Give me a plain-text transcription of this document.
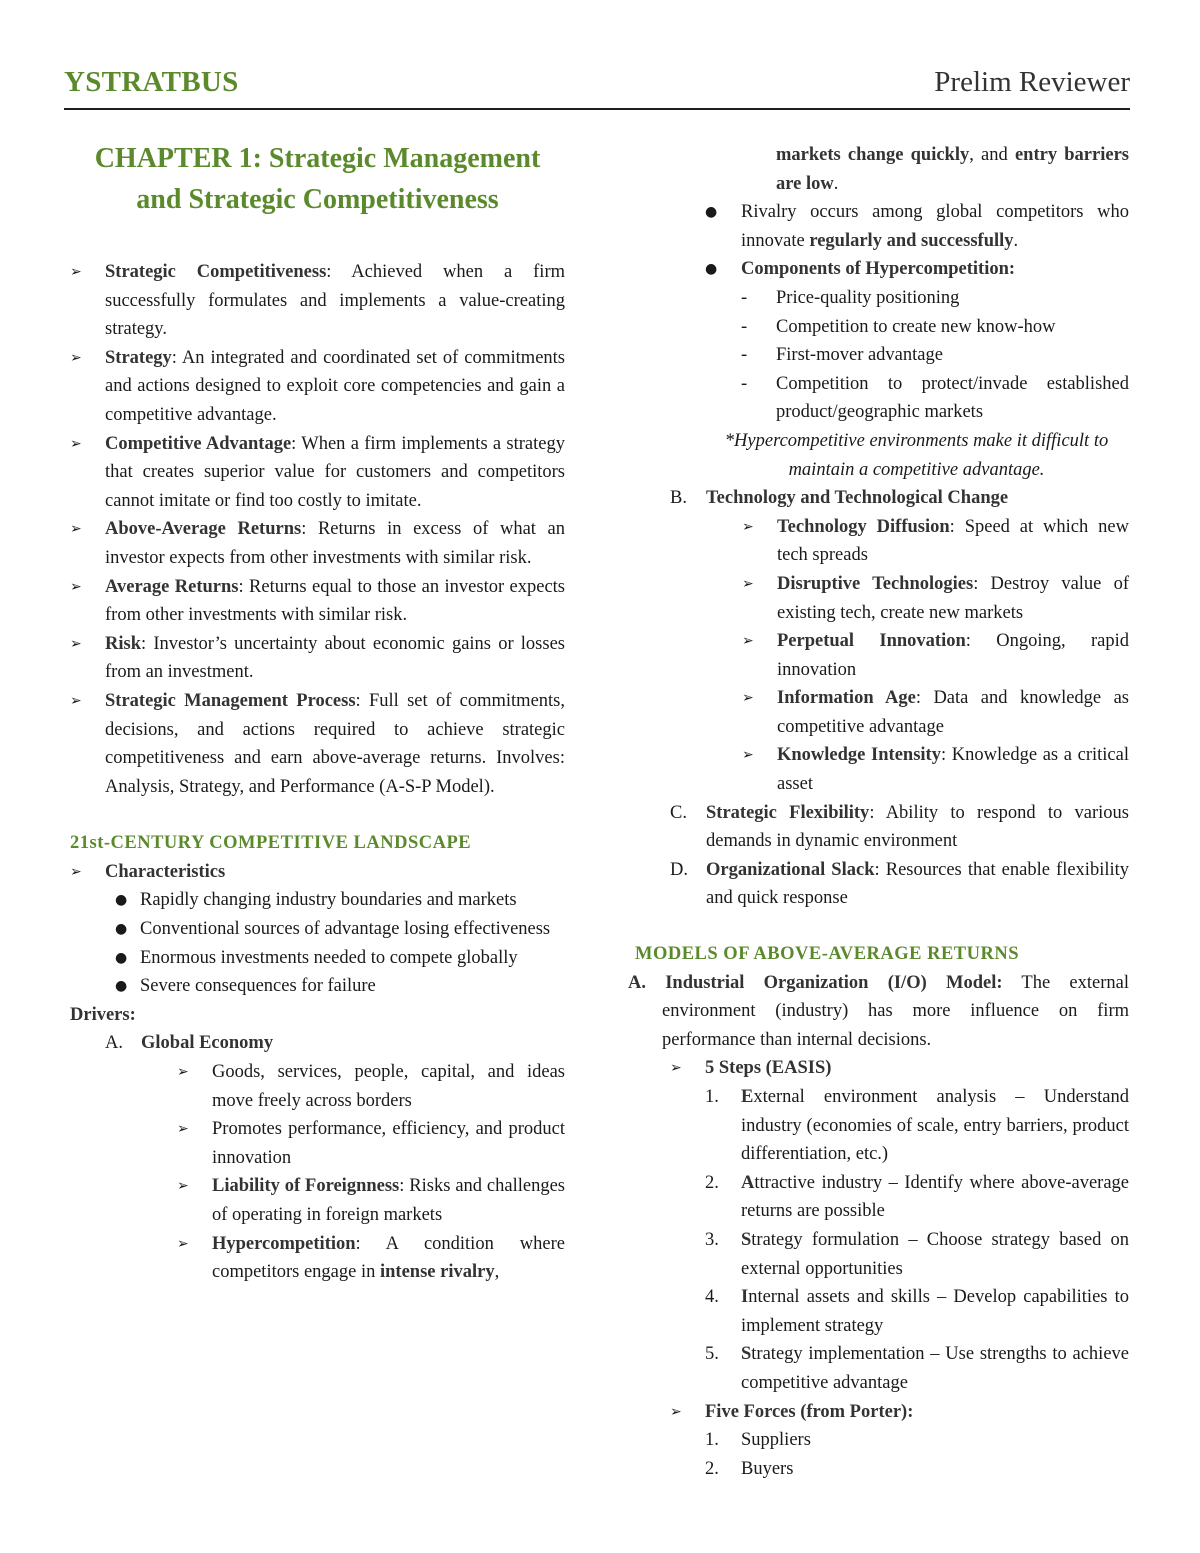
YSTRATBUS	Prelim Reviewer
CHAPTER 1: Strategic Management
and Strategic Competitiveness
➢	Strategic Competitiveness: Achieved when a firm successfully formulates and implements a value-creating strategy.
➢	Strategy: An integrated and coordinated set of commitments and actions designed to exploit core competencies and gain a competitive advantage.
➢	Competitive Advantage: When a firm implements a strategy that creates superior value for customers and competitors cannot imitate or find too costly to imitate.
➢	Above-Average Returns: Returns in excess of what an investor expects from other investments with similar risk.
➢	Average Returns: Returns equal to those an investor expects from other investments with similar risk.
➢	Risk: Investor’s uncertainty about economic gains or losses from an investment.
➢	Strategic Management Process: Full set of commitments, decisions, and actions required to achieve strategic competitiveness and earn above-average returns. Involves: Analysis, Strategy, and Performance (A-S-P Model).
21st-CENTURY COMPETITIVE LANDSCAPE
➢	Characteristics
● Rapidly changing industry boundaries and markets
● Conventional sources of advantage losing effectiveness
● Enormous investments needed to compete globally
● Severe consequences for failure

Drivers:

A. Global Economy
➢	Goods, services, people, capital, and ideas move freely across borders
➢	Promotes performance, efficiency, and product innovation
➢	Liability of Foreignness: Risks and challenges of operating in foreign markets
➢	Hypercompetition: A condition where competitors engage in intense rivalry,
markets change quickly, and entry barriers are low.
● Rivalry occurs among global competitors who innovate regularly and successfully.
● Components of Hypercompetition:
- Price-quality positioning
- Competition to create new know-how
- First-mover advantage
- Competition to protect/invade established product/geographic markets

*Hypercompetitive environments make it difficult to maintain a competitive advantage.

B. Technology and Technological Change
➢	Technology Diffusion: Speed at which new tech spreads
➢	Disruptive Technologies: Destroy value of existing tech, create new markets
➢	Perpetual Innovation: Ongoing, rapid innovation
➢	Information Age: Data and knowledge as competitive advantage
➢	Knowledge Intensity: Knowledge as a critical asset
C. Strategic Flexibility: Ability to respond to various demands in dynamic environment
D. Organizational Slack: Resources that enable flexibility and quick response
MODELS OF ABOVE-AVERAGE RETURNS

A. Industrial Organization (I/O) Model: The external environment (industry) has more influence on firm performance than internal decisions.

➢	5 Steps (EASIS)
1. External environment analysis – Understand industry (economies of scale, entry barriers, product differentiation, etc.)
2. Attractive industry – Identify where above-average returns are possible
3. Strategy formulation – Choose strategy based on external opportunities
4. Internal assets and skills – Develop capabilities to implement strategy
5. Strategy implementation – Use strengths to achieve competitive advantage
➢	Five Forces (from Porter):
1. Suppliers
2. Buyers
